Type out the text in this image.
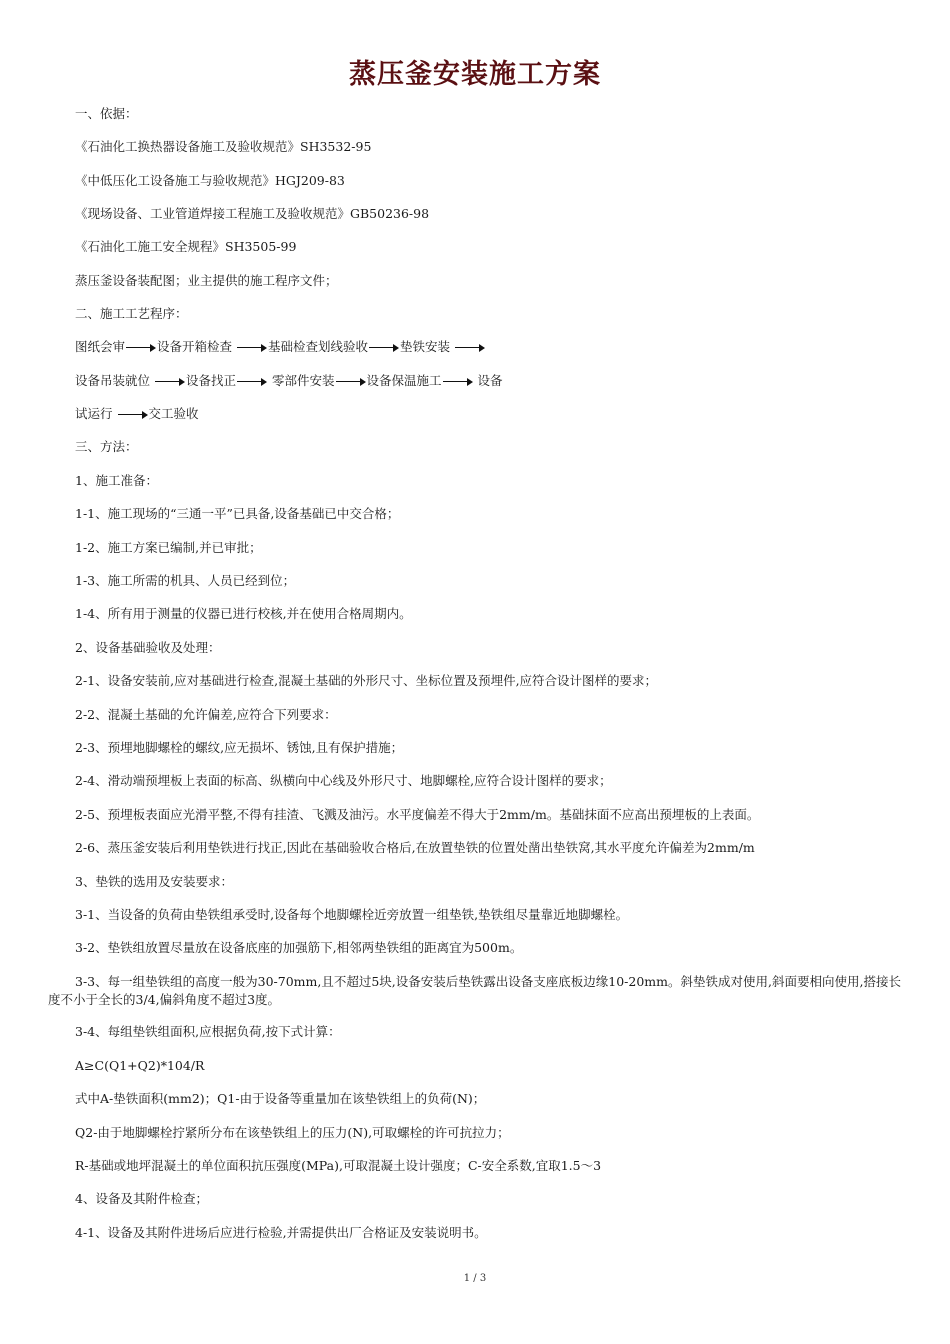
蒸压釜安装施工方案

一、依据：

《石油化工换热器设备施工及验收规范》SH3532-95

《中低压化工设备施工与验收规范》HGJ209-83

《现场设备、工业管道焊接工程施工及验收规范》GB50236-98

《石油化工施工安全规程》SH3505-99

蒸压釜设备装配图；业主提供的施工程序文件；

二、施工工艺程序：

图纸会审	设备开箱检查	基础检查划线验收	垫铁安装
设备吊装就位	设备找正	零部件安装	设备保温施工	设备
试运行	交工验收

三、方法：

1、施工准备：

1-1、施工现场的“三通一平”已具备,设备基础已中交合格；

1-2、施工方案已编制,并已审批；

1-3、施工所需的机具、人员已经到位；

1-4、所有用于测量的仪器已进行校核,并在使用合格周期内。

2、设备基础验收及处理：

2-1、设备安装前,应对基础进行检查,混凝土基础的外形尺寸、坐标位置及预埋件,应符合设计图样的要求；

2-2、混凝土基础的允许偏差,应符合下列要求：

2-3、预埋地脚螺栓的螺纹,应无损坏、锈蚀,且有保护措施；

2-4、滑动端预埋板上表面的标高、纵横向中心线及外形尺寸、地脚螺栓,应符合设计图样的要求；

2-5、预埋板表面应光滑平整,不得有挂渣、飞溅及油污。水平度偏差不得大于2mm/m。基础抹面不应高出预埋板的上表面。

2-6、蒸压釜安装后利用垫铁进行找正,因此在基础验收合格后,在放置垫铁的位置处凿出垫铁窝,其水平度允许偏差为2mm/m

3、垫铁的选用及安装要求：

3-1、当设备的负荷由垫铁组承受时,设备每个地脚螺栓近旁放置一组垫铁,垫铁组尽量靠近地脚螺栓。

3-2、垫铁组放置尽量放在设备底座的加强筋下,相邻两垫铁组的距离宜为500m。

3-3、每一组垫铁组的高度一般为30-70mm,且不超过5块,设备安装后垫铁露出设备支座底板边缘10-20mm。斜垫铁成对使用,斜面要相向使用,搭接长度不小于全长的3/4,偏斜角度不超过3度。

3-4、每组垫铁组面积,应根据负荷,按下式计算：

A≥C(Q1+Q2)*104/R

式中A-垫铁面积(mm2)；Q1-由于设备等重量加在该垫铁组上的负荷(N)；

Q2-由于地脚螺栓拧紧所分布在该垫铁组上的压力(N),可取螺栓的许可抗拉力；

R-基础或地坪混凝土的单位面积抗压强度(MPa),可取混凝土设计强度；C-安全系数,宜取1.5～3

4、设备及其附件检查；

4-1、设备及其附件进场后应进行检验,并需提供出厂合格证及安装说明书。

1 / 3
